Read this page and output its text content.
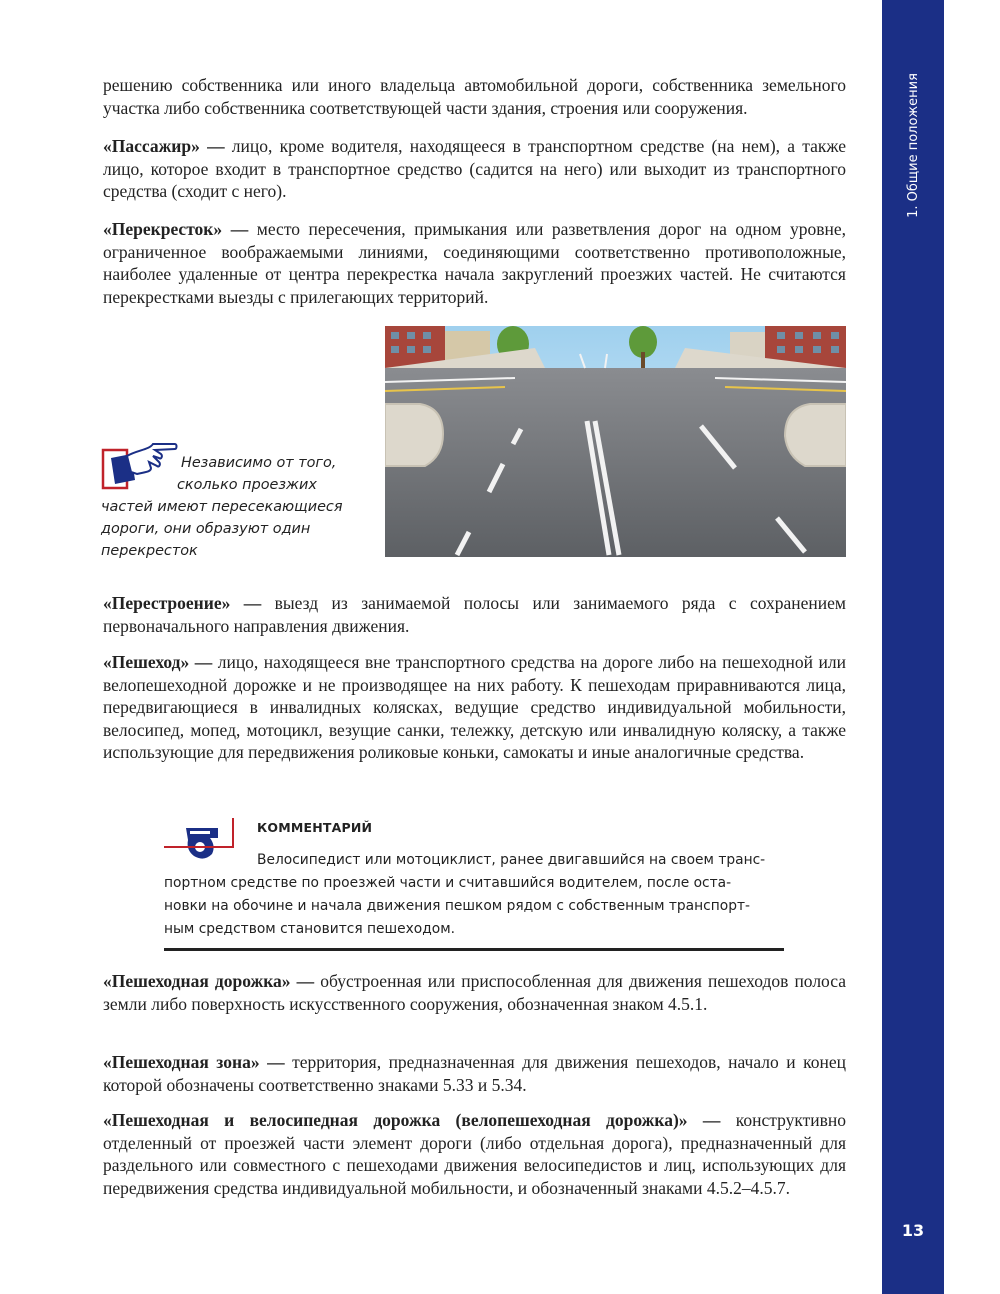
1. Общие положения
13

решению собственника или иного владельца автомобильной дороги, собственника земельного участка либо собственника соответствующей части здания, строения или сооружения.

«Пассажир» — лицо, кроме водителя, находящееся в транспортном средстве (на нем), а также лицо, которое входит в транспортное средство (садится на него) или выходит из транспортного средства (сходит с него).

«Перекресток» — место пересечения, примыкания или разветвления дорог на одном уровне, ограниченное воображаемыми линиями, соединяющими соответственно противоположные, наиболее удаленные от центра перекрестка начала закруглений проезжих частей. Не считаются перекрестками выезды с прилегающих территорий.

Независимо от того,
сколько проезжих
частей имеют пересекающиеся
дороги, они образуют один
перекресток

«Перестроение» — выезд из занимаемой полосы или занимаемого ряда с сохранением первоначального направления движения.

«Пешеход» — лицо, находящееся вне транспортного средства на дороге либо на пешеходной или велопешеходной дорожке и не производящее на них работу. К пешеходам приравниваются лица, передвигающиеся в инвалидных колясках, ведущие средство индивидуальной мобильности, велосипед, мопед, мотоцикл, везущие санки, тележку, детскую или инвалидную коляску, а также использующие для передвижения роликовые коньки, самокаты и иные аналогичные средства.

КОММЕНТАРИЙ
Велосипедист или мотоциклист, ранее двигавшийся на своем транс-
портном средстве по проезжей части и считавшийся водителем, после оста-
новки на обочине и начала движения пешком рядом с собственным транспорт-
ным средством становится пешеходом.

«Пешеходная дорожка» — обустроенная или приспособленная для движения пешеходов полоса земли либо поверхность искусственного сооружения, обозначенная знаком 4.5.1.

«Пешеходная зона» — территория, предназначенная для движения пешеходов, начало и конец которой обозначены соответственно знаками 5.33 и 5.34.

«Пешеходная и велосипедная дорожка (велопешеходная дорожка)» — конструктивно отделенный от проезжей части элемент дороги (либо отдельная дорога), предназначенный для раздельного или совместного с пешеходами движения велосипедистов и лиц, использующих для передвижения средства индивидуальной мобильности, и обозначенный знаками 4.5.2–4.5.7.
